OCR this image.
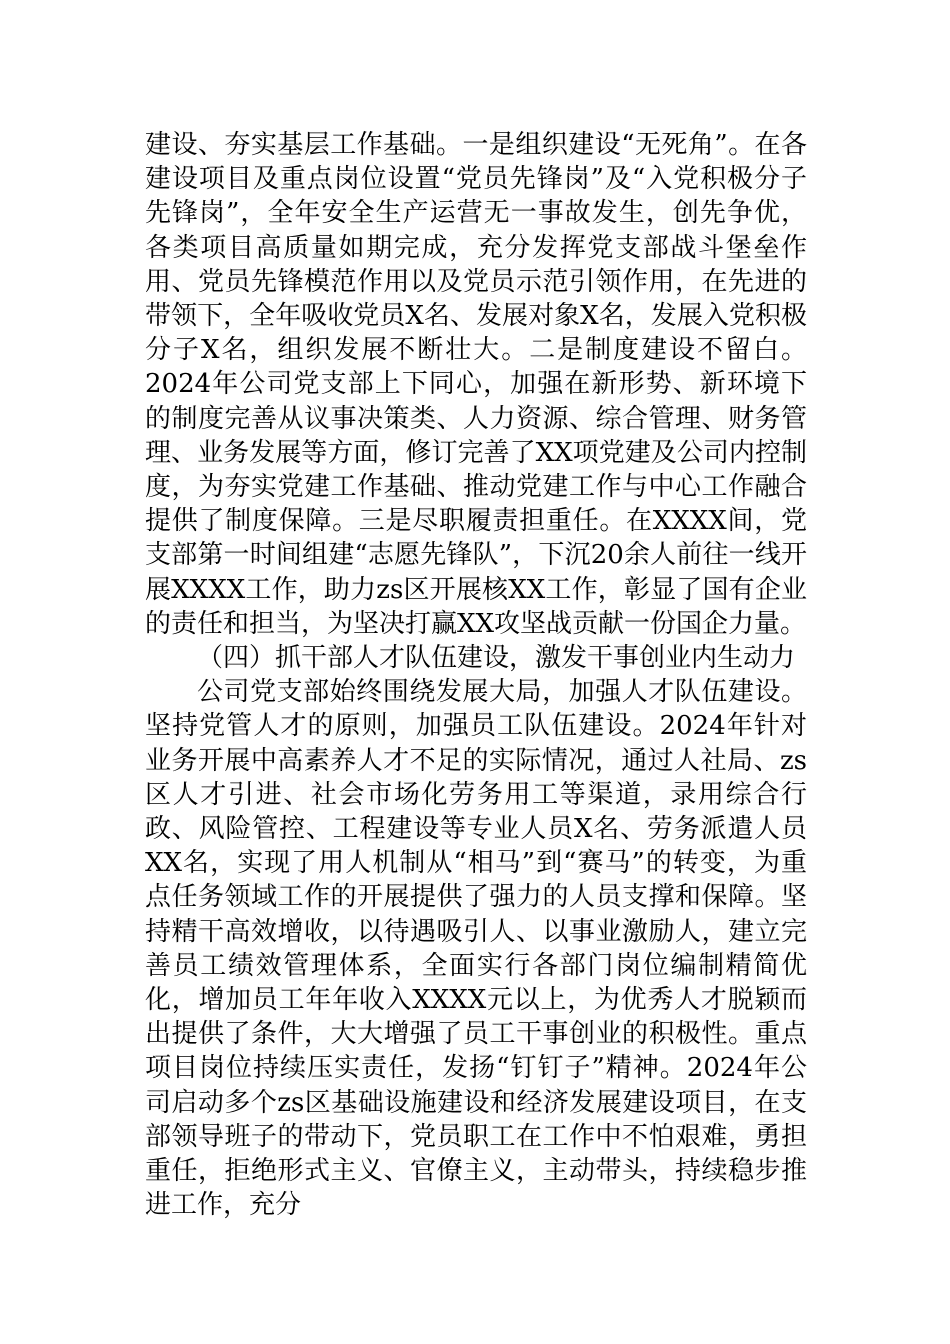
建设、夯实基层工作基础。一是组织建设“无死角”。在各建设项目及重点岗位设置“党员先锋岗”及“入党积极分子先锋岗”，全年安全生产运营无一事故发生，创先争优，各类项目高质量如期完成，充分发挥党支部战斗堡垒作用、党员先锋模范作用以及党员示范引领作用，在先进的带领下，全年吸收党员X名、发展对象X名，发展入党积极分子X名，组织发展不断壮大。二是制度建设不留白。2024年公司党支部上下同心，加强在新形势、新环境下的制度完善从议事决策类、人力资源、综合管理、财务管理、业务发展等方面，修订完善了XX项党建及公司内控制度，为夯实党建工作基础、推动党建工作与中心工作融合提供了制度保障。三是尽职履责担重任。在XXXX间，党支部第一时间组建“志愿先锋队”，下沉20余人前往一线开展XXXX工作，助力zs区开展核XX工作，彰显了国有企业的责任和担当，为坚决打赢XX攻坚战贡献一份国企力量。

（四）抓干部人才队伍建设，激发干事创业内生动力

公司党支部始终围绕发展大局，加强人才队伍建设。坚持党管人才的原则，加强员工队伍建设。2024年针对业务开展中高素养人才不足的实际情况，通过人社局、zs区人才引进、社会市场化劳务用工等渠道，录用综合行政、风险管控、工程建设等专业人员X名、劳务派遣人员XX名，实现了用人机制从“相马”到“赛马”的转变，为重点任务领域工作的开展提供了强力的人员支撑和保障。坚持精干高效增收，以待遇吸引人、以事业激励人，建立完善员工绩效管理体系，全面实行各部门岗位编制精简优化，增加员工年年收入XXXX元以上，为优秀人才脱颖而出提供了条件，大大增强了员工干事创业的积极性。重点项目岗位持续压实责任，发扬“钉钉子”精神。2024年公司启动多个zs区基础设施建设和经济发展建设项目，在支部领导班子的带动下，党员职工在工作中不怕艰难，勇担重任，拒绝形式主义、官僚主义，主动带头，持续稳步推进工作，充分
